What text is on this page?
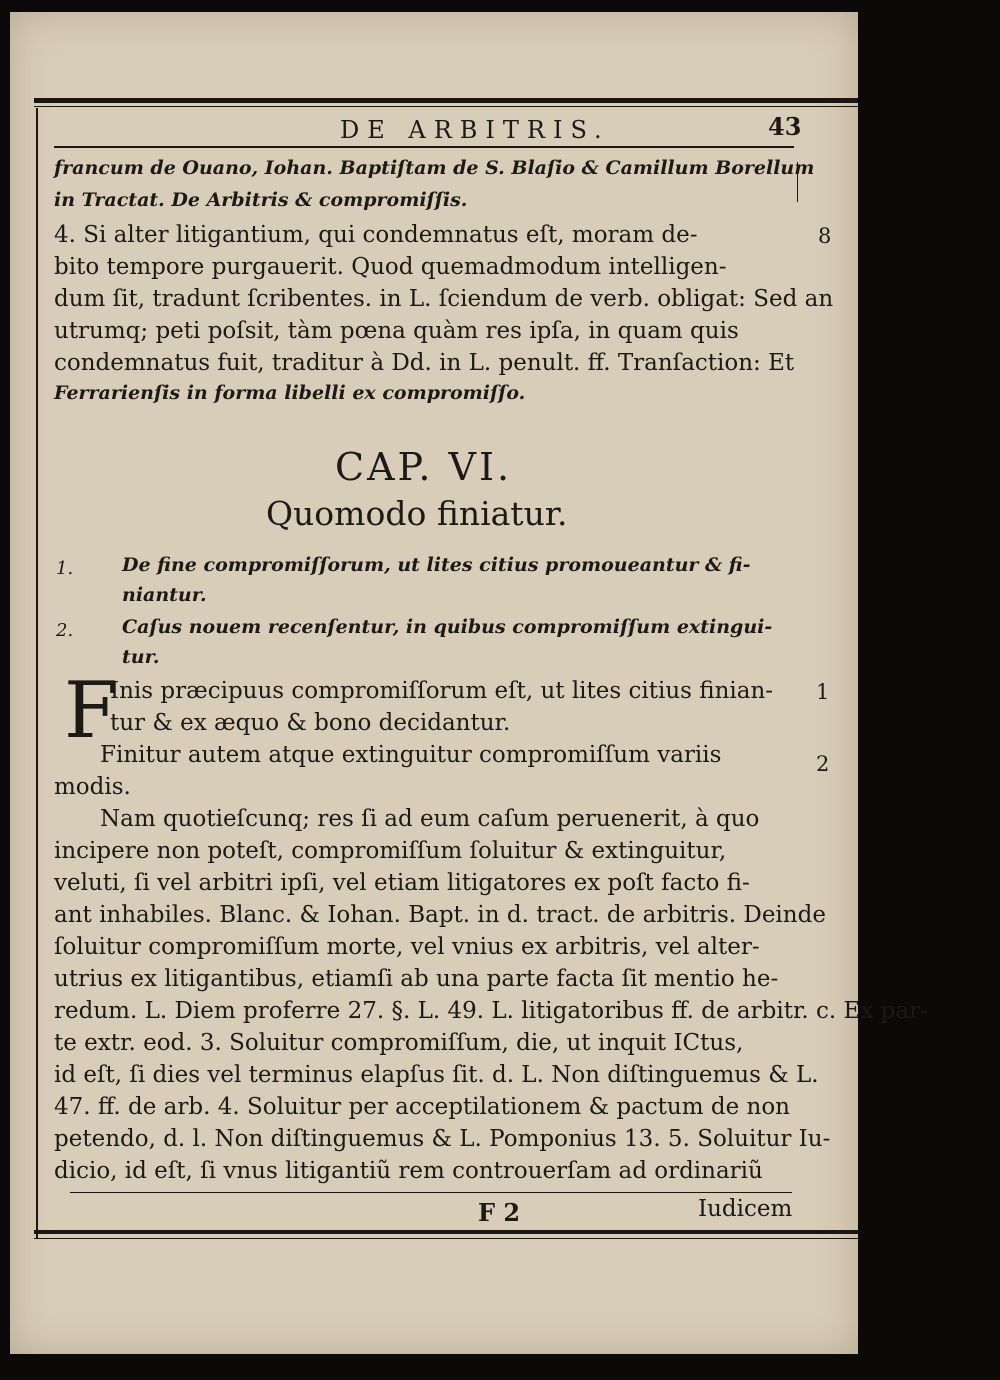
DE ARBITRIS.	43
francum de Ouano, Iohan. Baptiſtam de S. Blaſio & Camillum Borellum
in Tractat. De Arbitris & compromiſſis.
4. Si alter litigantium, qui condemnatus eſt, moram de-
bito tempore purgauerit. Quod quemadmodum intelligen-
dum ſit, tradunt ſcribentes. in L. ſciendum de verb. obligat: Sed an
utrumq; peti poſsit, tàm pœna quàm res ipſa, in quam quis
condemnatus fuit, traditur à Dd. in L. penult. ff. Tranſaction: Et
Ferrarienſis in forma libelli ex compromiſſo.
8
CAP. VI.
Quomodo finiatur.
1.	De fine compromiſſorum, ut lites citius promoueantur & fi-
niantur.
2.	Caſus nouem recenſentur, in quibus compromiſſum extingui-
tur.
F
Inis præcipuus compromiſſorum eſt, ut lites citius finian-
tur & ex æquo & bono decidantur.
Finitur autem atque extinguitur compromiſſum variis
modis.
Nam quotieſcunq; res ſi ad eum caſum peruenerit, à quo
incipere non poteſt, compromiſſum ſoluitur & extinguitur,
veluti, ſi vel arbitri ipſi, vel etiam litigatores ex poſt facto fi-
ant inhabiles. Blanc. & Iohan. Bapt. in d. tract. de arbitris. Deinde
ſoluitur compromiſſum morte, vel vnius ex arbitris, vel alter-
utrius ex litigantibus, etiamſi ab una parte facta ſit mentio he-
redum. L. Diem proferre 27. §. L. 49. L. litigatoribus ff. de arbitr. c. Ex par-
te extr. eod. 3. Soluitur compromiſſum, die, ut inquit ICtus,
id eſt, ſi dies vel terminus elapſus ſit. d. L. Non diſtinguemus & L.
47. ff. de arb. 4. Soluitur per acceptilationem & pactum de non
petendo, d. l. Non diſtinguemus & L. Pomponius 13. 5. Soluitur Iu-
dicio, id eſt, ſi vnus litigantiũ rem controuerſam ad ordinariũ
1
2
F 2	Iudicem
